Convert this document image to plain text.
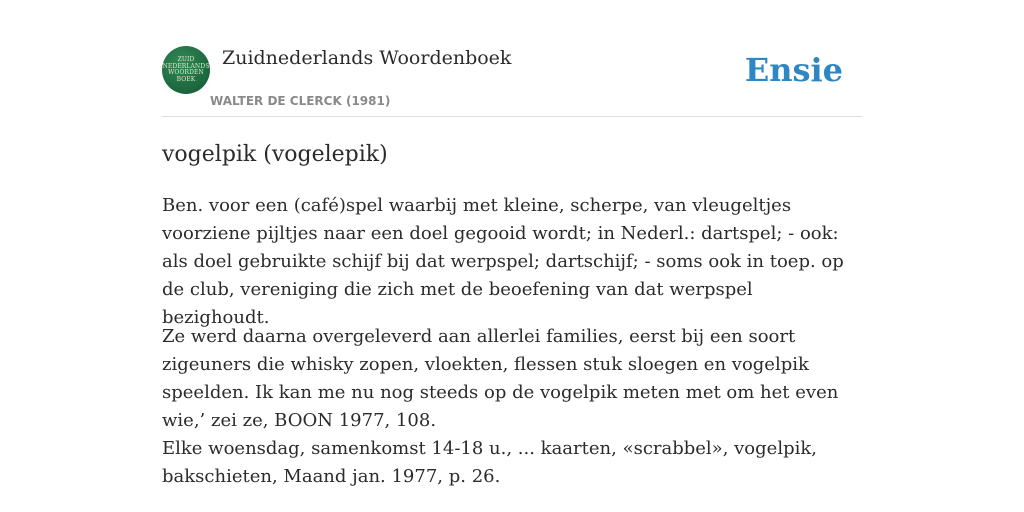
ZUID
NEDERLANDS
WOORDEN
BOEK
Zuidnederlands Woordenboek
WALTER DE CLERCK (1981)
Ensie
vogelpik (vogelepik)

Ben. voor een (café)spel waarbij met kleine, scherpe, van vleugeltjes voorziene pijltjes naar een doel gegooid wordt; in Nederl.: dartspel; - ook: als doel gebruikte schijf bij dat werpspel; dartschijf; - soms ook in toep. op de club, vereniging die zich met de beoefening van dat werpspel bezighoudt.

Ze werd daarna overgeleverd aan allerlei families, eerst bij een soort zigeuners die whisky zopen, vloekten, flessen stuk sloegen en vogelpik speelden. Ik kan me nu nog steeds op de vogelpik meten met om het even wie,’ zei ze, BOON 1977, 108.

Elke woensdag, samenkomst 14-18 u., ... kaarten, «scrabbel», vogelpik, bakschieten, Maand jan. 1977, p. 26.
